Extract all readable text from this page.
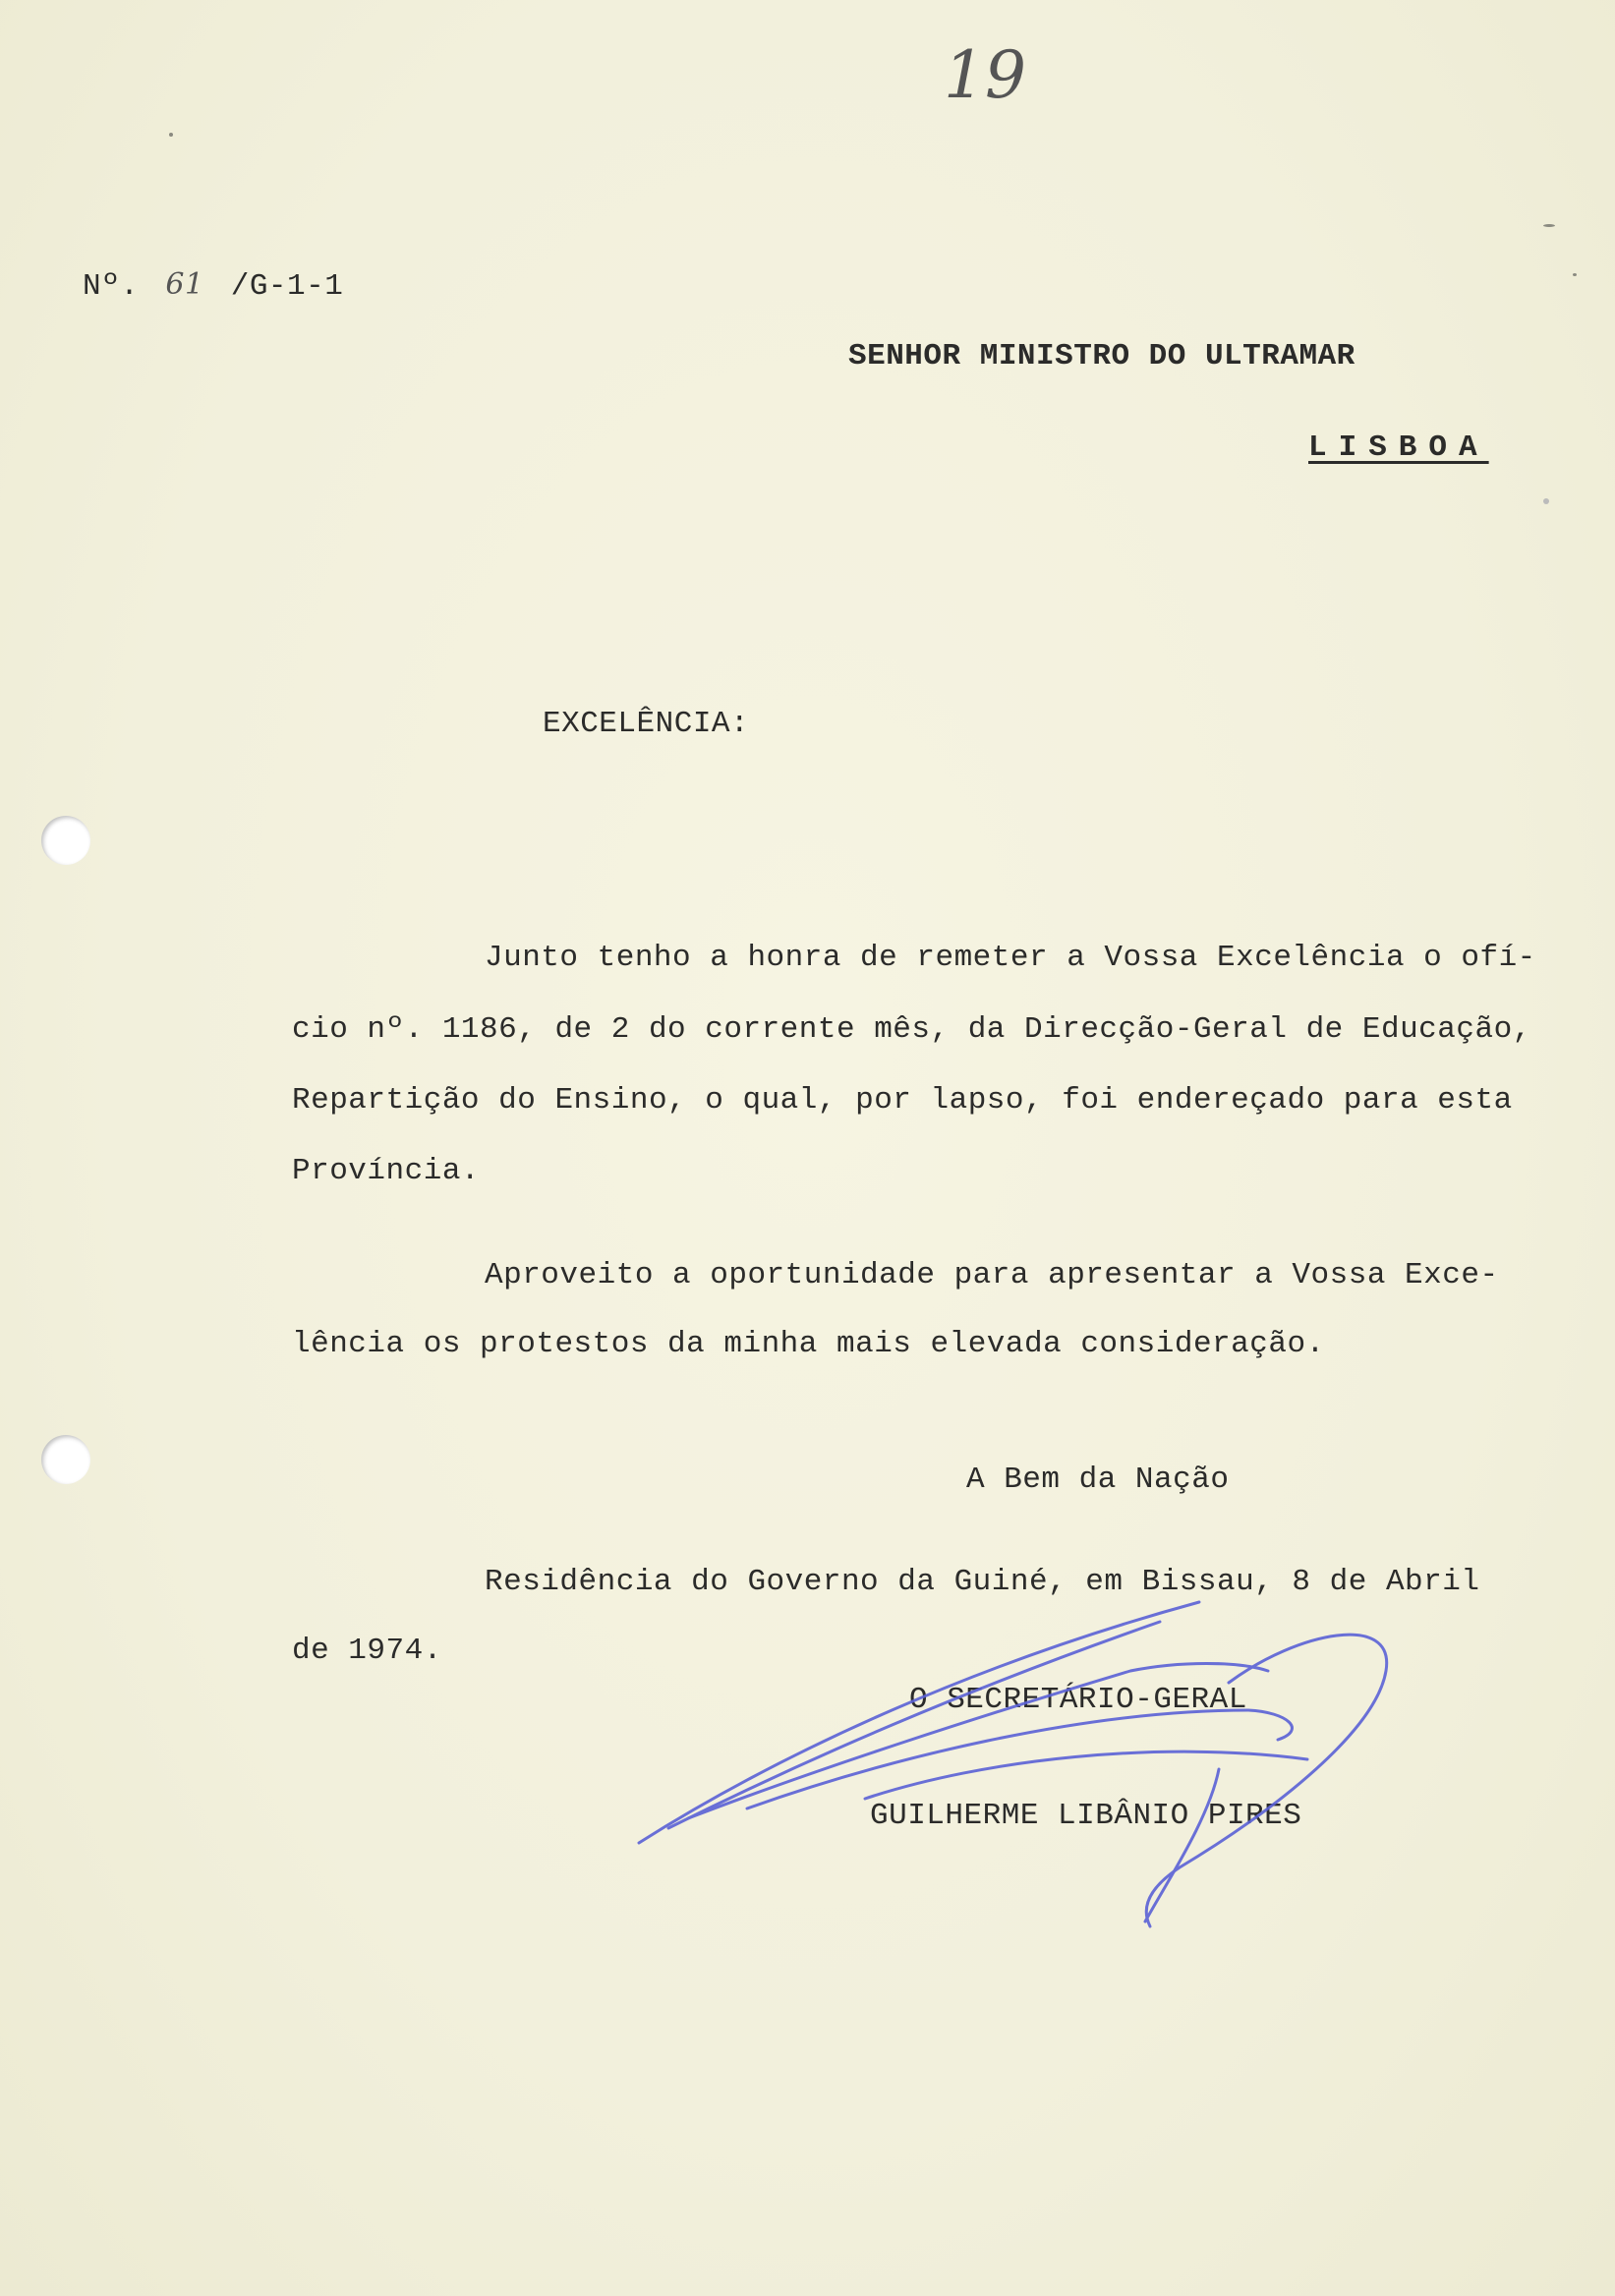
19
Nº. 61 /G-1-1
SENHOR MINISTRO DO ULTRAMAR
LISBOA
EXCELÊNCIA:
Junto tenho a honra de remeter a Vossa Excelência o ofí-
cio nº. 1186, de 2 do corrente mês, da Direcção-Geral de Educação,
Repartição do Ensino, o qual, por lapso, foi endereçado para esta
Província.
Aproveito a oportunidade para apresentar a Vossa Exce-
lência os protestos da minha mais elevada consideração.
A Bem da Nação
Residência do Governo da Guiné, em Bissau, 8 de Abril
de 1974.
O SECRETÁRIO-GERAL
GUILHERME LIBÂNIO PIRES
